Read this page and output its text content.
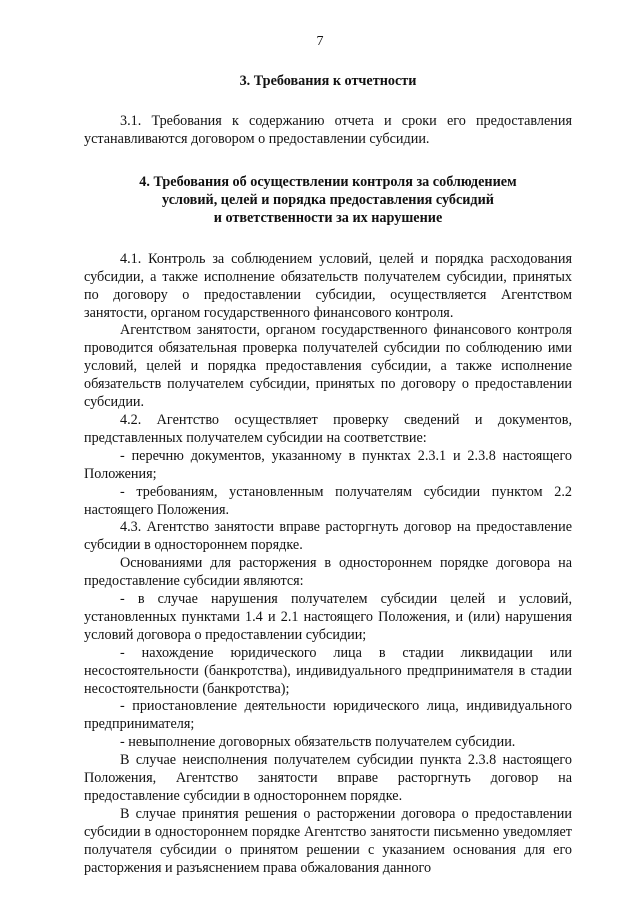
7
3. Требования к отчетности

3.1. Требования к содержанию отчета и сроки его предоставления устанавливаются договором о предоставлении субсидии.

4. Требования об осуществлении контроля за соблюдением
условий, целей и порядка предоставления субсидий
и ответственности за их нарушение

4.1. Контроль за соблюдением условий, целей и порядка расходования субсидии, а также исполнение обязательств получателем субсидии, принятых по договору о предоставлении субсидии, осуществляется Агентством занятости, органом государственного финансового контроля.

Агентством занятости, органом государственного финансового контроля проводится обязательная проверка получателей субсидии по соблюдению ими условий, целей и порядка предоставления субсидии, а также исполнение обязательств получателем субсидии, принятых по договору о предоставлении субсидии.

4.2. Агентство осуществляет проверку сведений и документов, представленных получателем субсидии на соответствие:

- перечню документов, указанному в пунктах 2.3.1 и 2.3.8 настоящего Положения;

- требованиям, установленным получателям субсидии пунктом 2.2 настоящего Положения.

4.3. Агентство занятости вправе расторгнуть договор на предоставление субсидии в одностороннем порядке.

Основаниями для расторжения в одностороннем порядке договора на предоставление субсидии являются:

- в случае нарушения получателем субсидии целей и условий, установленных пунктами 1.4 и 2.1 настоящего Положения, и (или) нарушения условий договора о предоставлении субсидии;

- нахождение юридического лица в стадии ликвидации или несостоятельности (банкротства), индивидуального предпринимателя в стадии несостоятельности (банкротства);

- приостановление деятельности юридического лица, индивидуального предпринимателя;

- невыполнение договорных обязательств получателем субсидии.

В случае неисполнения получателем субсидии пункта 2.3.8 настоящего Положения, Агентство занятости вправе расторгнуть договор на предоставление субсидии в одностороннем порядке.

В случае принятия решения о расторжении договора о предоставлении субсидии в одностороннем порядке Агентство занятости письменно уведомляет получателя субсидии о принятом решении с указанием основания для его расторжения и разъяснением права обжалования данного
